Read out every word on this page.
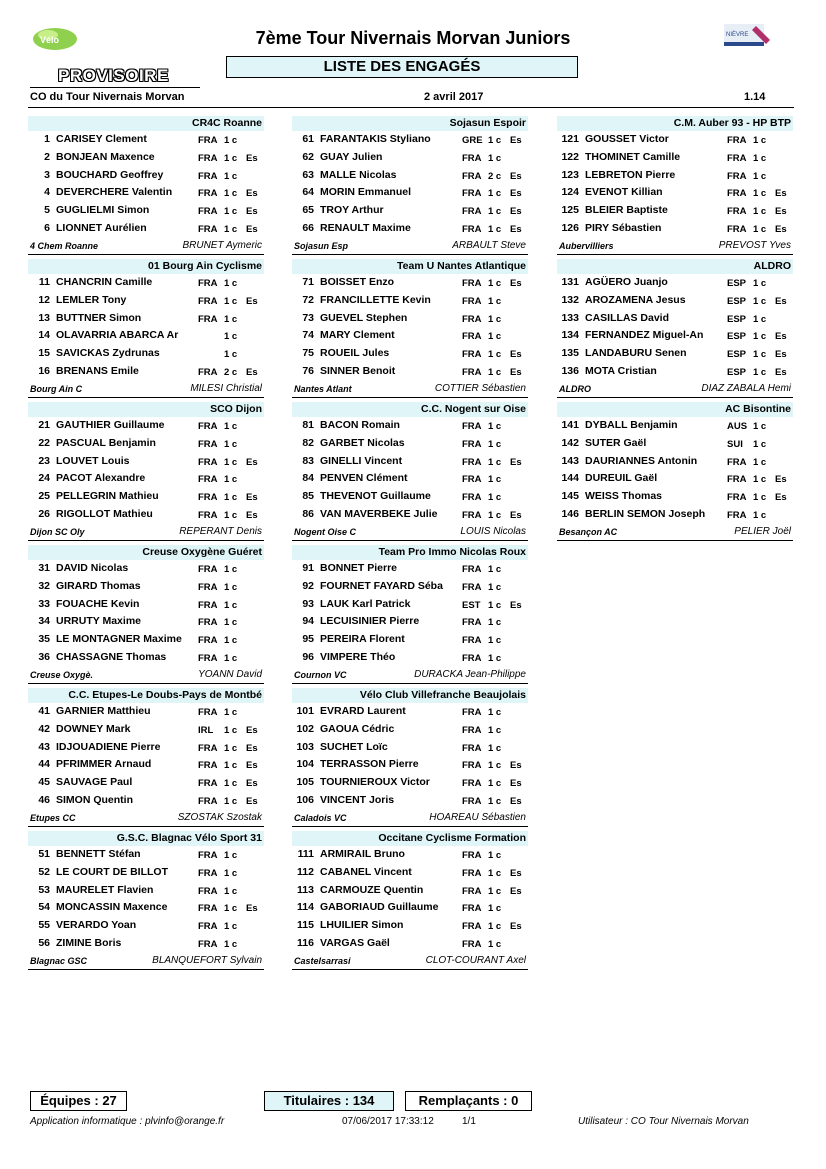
Vélo	NIÈVRE
7ème Tour Nivernais Morvan Juniors
PROVISOIRE	LISTE DES ENGAGÉS
CO du Tour Nivernais Morvan	2 avril 2017	1.14
CR4C Roanne
1 CARISEY Clement	FRA 1 c
2 BONJEAN Maxence	FRA 1 c Es
3 BOUCHARD Geoffrey	FRA 1 c
4 DEVERCHERE Valentin	FRA 1 c Es
5 GUGLIELMI Simon	FRA 1 c Es
6 LIONNET Aurélien	FRA 1 c Es
4 Chem Roanne	BRUNET Aymeric
01 Bourg Ain Cyclisme
11 CHANCRIN Camille	FRA 1 c
12 LEMLER Tony	FRA 1 c Es
13 BUTTNER Simon	FRA 1 c
14 OLAVARRIA ABARCA Ar	1 c
15 SAVICKAS Zydrunas	1 c
16 BRENANS Emile	FRA 2 c Es
Bourg Ain C	MILESI Christial
SCO Dijon
21 GAUTHIER Guillaume	FRA 1 c
22 PASCUAL Benjamin	FRA 1 c
23 LOUVET Louis	FRA 1 c Es
24 PACOT Alexandre	FRA 1 c
25 PELLEGRIN Mathieu	FRA 1 c Es
26 RIGOLLOT Mathieu	FRA 1 c Es
Dijon SC Oly	REPERANT Denis
Creuse Oxygène Guéret
31 DAVID Nicolas	FRA 1 c
32 GIRARD Thomas	FRA 1 c
33 FOUACHE Kevin	FRA 1 c
34 URRUTY Maxime	FRA 1 c
35 LE MONTAGNER Maxime	FRA 1 c
36 CHASSAGNE Thomas	FRA 1 c
Creuse Oxygè.	YOANN David
C.C. Etupes-Le Doubs-Pays de Montbé
41 GARNIER Matthieu	FRA 1 c
42 DOWNEY Mark	IRL 1 c Es
43 IDJOUADIENE Pierre	FRA 1 c Es
44 PFRIMMER Arnaud	FRA 1 c Es
45 SAUVAGE Paul	FRA 1 c Es
46 SIMON Quentin	FRA 1 c Es
Etupes CC	SZOSTAK Szostak
G.S.C. Blagnac Vélo Sport 31
51 BENNETT Stéfan	FRA 1 c
52 LE COURT DE BILLOT	FRA 1 c
53 MAURELET Flavien	FRA 1 c
54 MONCASSIN Maxence	FRA 1 c Es
55 VERARDO Yoan	FRA 1 c
56 ZIMINE Boris	FRA 1 c
Blagnac GSC	BLANQUEFORT Sylvain
Sojasun Espoir
61 FARANTAKIS Styliano	GRE 1 c Es
62 GUAY Julien	FRA 1 c
63 MALLE Nicolas	FRA 2 c Es
64 MORIN Emmanuel	FRA 1 c Es
65 TROY Arthur	FRA 1 c Es
66 RENAULT Maxime	FRA 1 c Es
Sojasun Esp	ARBAULT Steve
Team U Nantes Atlantique
71 BOISSET Enzo	FRA 1 c Es
72 FRANCILLETTE Kevin	FRA 1 c
73 GUEVEL Stephen	FRA 1 c
74 MARY Clement	FRA 1 c
75 ROUEIL Jules	FRA 1 c Es
76 SINNER Benoit	FRA 1 c Es
Nantes Atlant	COTTIER Sébastien
C.C. Nogent sur Oise
81 BACON Romain	FRA 1 c
82 GARBET Nicolas	FRA 1 c
83 GINELLI Vincent	FRA 1 c Es
84 PENVEN Clément	FRA 1 c
85 THEVENOT Guillaume	FRA 1 c
86 VAN MAVERBEKE Julie	FRA 1 c Es
Nogent Oise C	LOUIS Nicolas
Team Pro Immo Nicolas Roux
91 BONNET Pierre	FRA 1 c
92 FOURNET FAYARD Séba	FRA 1 c
93 LAUK Karl Patrick	EST 1 c Es
94 LECUISINIER Pierre	FRA 1 c
95 PEREIRA Florent	FRA 1 c
96 VIMPERE Théo	FRA 1 c
Cournon VC	DURACKA Jean-Philippe
Vélo Club Villefranche Beaujolais
101 EVRARD Laurent	FRA 1 c
102 GAOUA Cédric	FRA 1 c
103 SUCHET Loïc	FRA 1 c
104 TERRASSON Pierre	FRA 1 c Es
105 TOURNIEROUX Victor	FRA 1 c Es
106 VINCENT Joris	FRA 1 c Es
Caladois VC	HOAREAU Sébastien
Occitane Cyclisme Formation
111 ARMIRAIL Bruno	FRA 1 c
112 CABANEL Vincent	FRA 1 c Es
113 CARMOUZE Quentin	FRA 1 c Es
114 GABORIAUD Guillaume	FRA 1 c
115 LHUILIER Simon	FRA 1 c Es
116 VARGAS Gaël	FRA 1 c
Castelsarrasi	CLOT-COURANT Axel
C.M. Auber 93 - HP BTP
121 GOUSSET Victor	FRA 1 c
122 THOMINET Camille	FRA 1 c
123 LEBRETON Pierre	FRA 1 c
124 EVENOT Killian	FRA 1 c Es
125 BLEIER Baptiste	FRA 1 c Es
126 PIRY Sébastien	FRA 1 c Es
Aubervilliers	PREVOST Yves
ALDRO
131 AGÜERO Juanjo	ESP 1 c
132 AROZAMENA Jesus	ESP 1 c Es
133 CASILLAS David	ESP 1 c
134 FERNANDEZ Miguel-An	ESP 1 c Es
135 LANDABURU Senen	ESP 1 c Es
136 MOTA Cristian	ESP 1 c Es
ALDRO	DIAZ ZABALA Hemi
AC Bisontine
141 DYBALL Benjamin	AUS 1 c
142 SUTER Gaël	SUI 1 c
143 DAURIANNES Antonin	FRA 1 c
144 DUREUIL Gaël	FRA 1 c Es
145 WEISS Thomas	FRA 1 c Es
146 BERLIN SEMON Joseph	FRA 1 c
Besançon AC	PELIER Joël
Équipes : 27	Titulaires : 134	Remplaçants : 0
Application informatique : plvinfo@orange.fr	07/06/2017 17:33:12	1/1	Utilisateur : CO Tour Nivernais Morvan
